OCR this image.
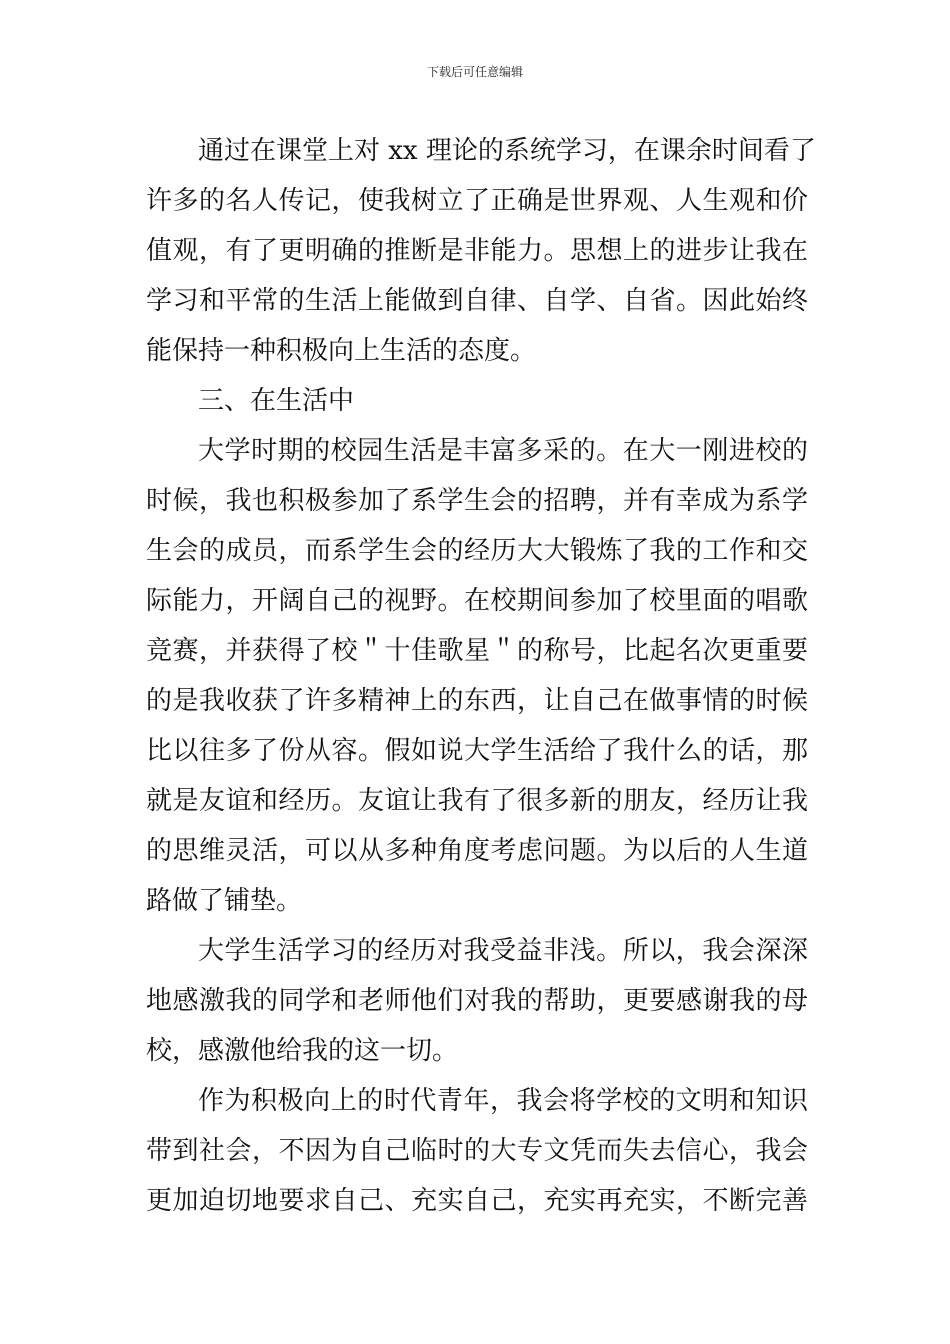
下载后可任意编辑
通过在课堂上对 xx 理论的系统学习，在课余时间看了
许多的名人传记，使我树立了正确是世界观、人生观和价
值观，有了更明确的推断是非能力。思想上的进步让我在
学习和平常的生活上能做到自律、自学、自省。因此始终
能保持一种积极向上生活的态度。
三、在生活中
大学时期的校园生活是丰富多采的。在大一刚进校的
时候，我也积极参加了系学生会的招聘，并有幸成为系学
生会的成员，而系学生会的经历大大锻炼了我的工作和交
际能力，开阔自己的视野。在校期间参加了校里面的唱歌
竞赛，并获得了校＂十佳歌星＂的称号，比起名次更重要
的是我收获了许多精神上的东西，让自己在做事情的时候
比以往多了份从容。假如说大学生活给了我什么的话，那
就是友谊和经历。友谊让我有了很多新的朋友，经历让我
的思维灵活，可以从多种角度考虑问题。为以后的人生道
路做了铺垫。
大学生活学习的经历对我受益非浅。所以，我会深深
地感激我的同学和老师他们对我的帮助，更要感谢我的母
校，感激他给我的这一切。
作为积极向上的时代青年，我会将学校的文明和知识
带到社会，不因为自己临时的大专文凭而失去信心，我会
更加迫切地要求自己、充实自己，充实再充实，不断完善
